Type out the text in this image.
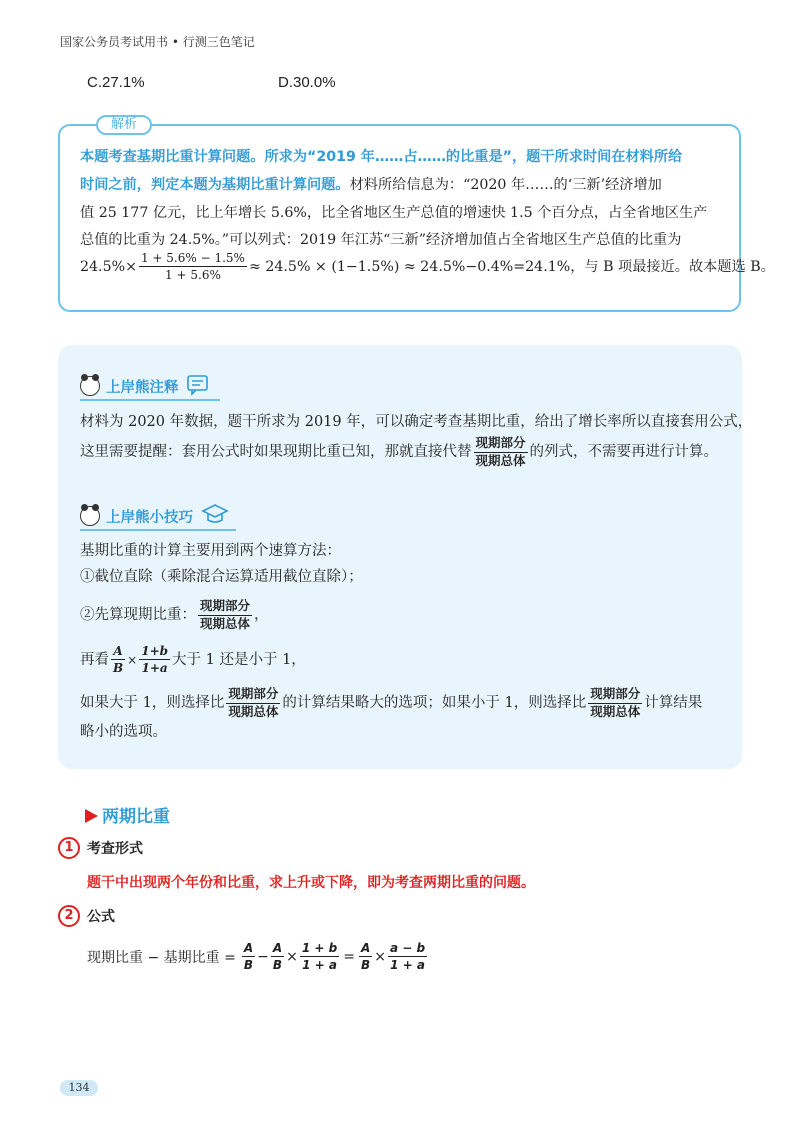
国家公务员考试用书 • 行测三色笔记
C.27.1%	D.30.0%
解析
本题考查基期比重计算问题。所求为“2019 年……占……的比重是”，题干所求时间在材料所给
时间之前，判定本题为基期比重计算问题。材料所给信息为：“2020 年……的‘三新’经济增加
值 25 177 亿元，比上年增长 5.6%，比全省地区生产总值的增速快 1.5 个百分点，占全省地区生产
总值的比重为 24.5%。”可以列式：2019 年江苏“三新”经济增加值占全省地区生产总值的比重为
$24.5\%\times \frac{1 + 5.6\% - 1.5\%}{1 + 5.6\%} \approx 24.5\% \times (1-1.5\%) \approx 24.5\%-0.4\%=24.1\%$，与 B 项最接近。故本题选 B。
上岸熊注释
材料为 2020 年数据，题干所求为 2019 年，可以确定考查基期比重，给出了增长率所以直接套用公式，
这里需要提醒：套用公式时如果现期比重已知，那就直接代替 $\frac{\text{现期部分}}{\text{现期总体}}$ 的列式，不需要再进行计算。
上岸熊小技巧
基期比重的计算主要用到两个速算方法：
①截位直除（乘除混合运算适用截位直除）；
②先算现期比重： $\frac{\text{现期部分}}{\text{现期总体}}$ ，
再看 $\frac{A}{B} \times \frac{1+b}{1+a}$ 大于 1 还是小于 1，
如果大于 1，则选择比 $\frac{\text{现期部分}}{\text{现期总体}}$ 的计算结果略大的选项；如果小于 1，则选择比 $\frac{\text{现期部分}}{\text{现期总体}}$ 计算结果
略小的选项。
两期比重
1 考查形式
题干中出现两个年份和比重，求上升或下降，即为考查两期比重的问题。
2 公式
现期比重 − 基期比重 = $\frac{A}{B} - \frac{A}{B} \times \frac{1 + b}{1 + a} = \frac{A}{B} \times \frac{a - b}{1 + a}$
134
